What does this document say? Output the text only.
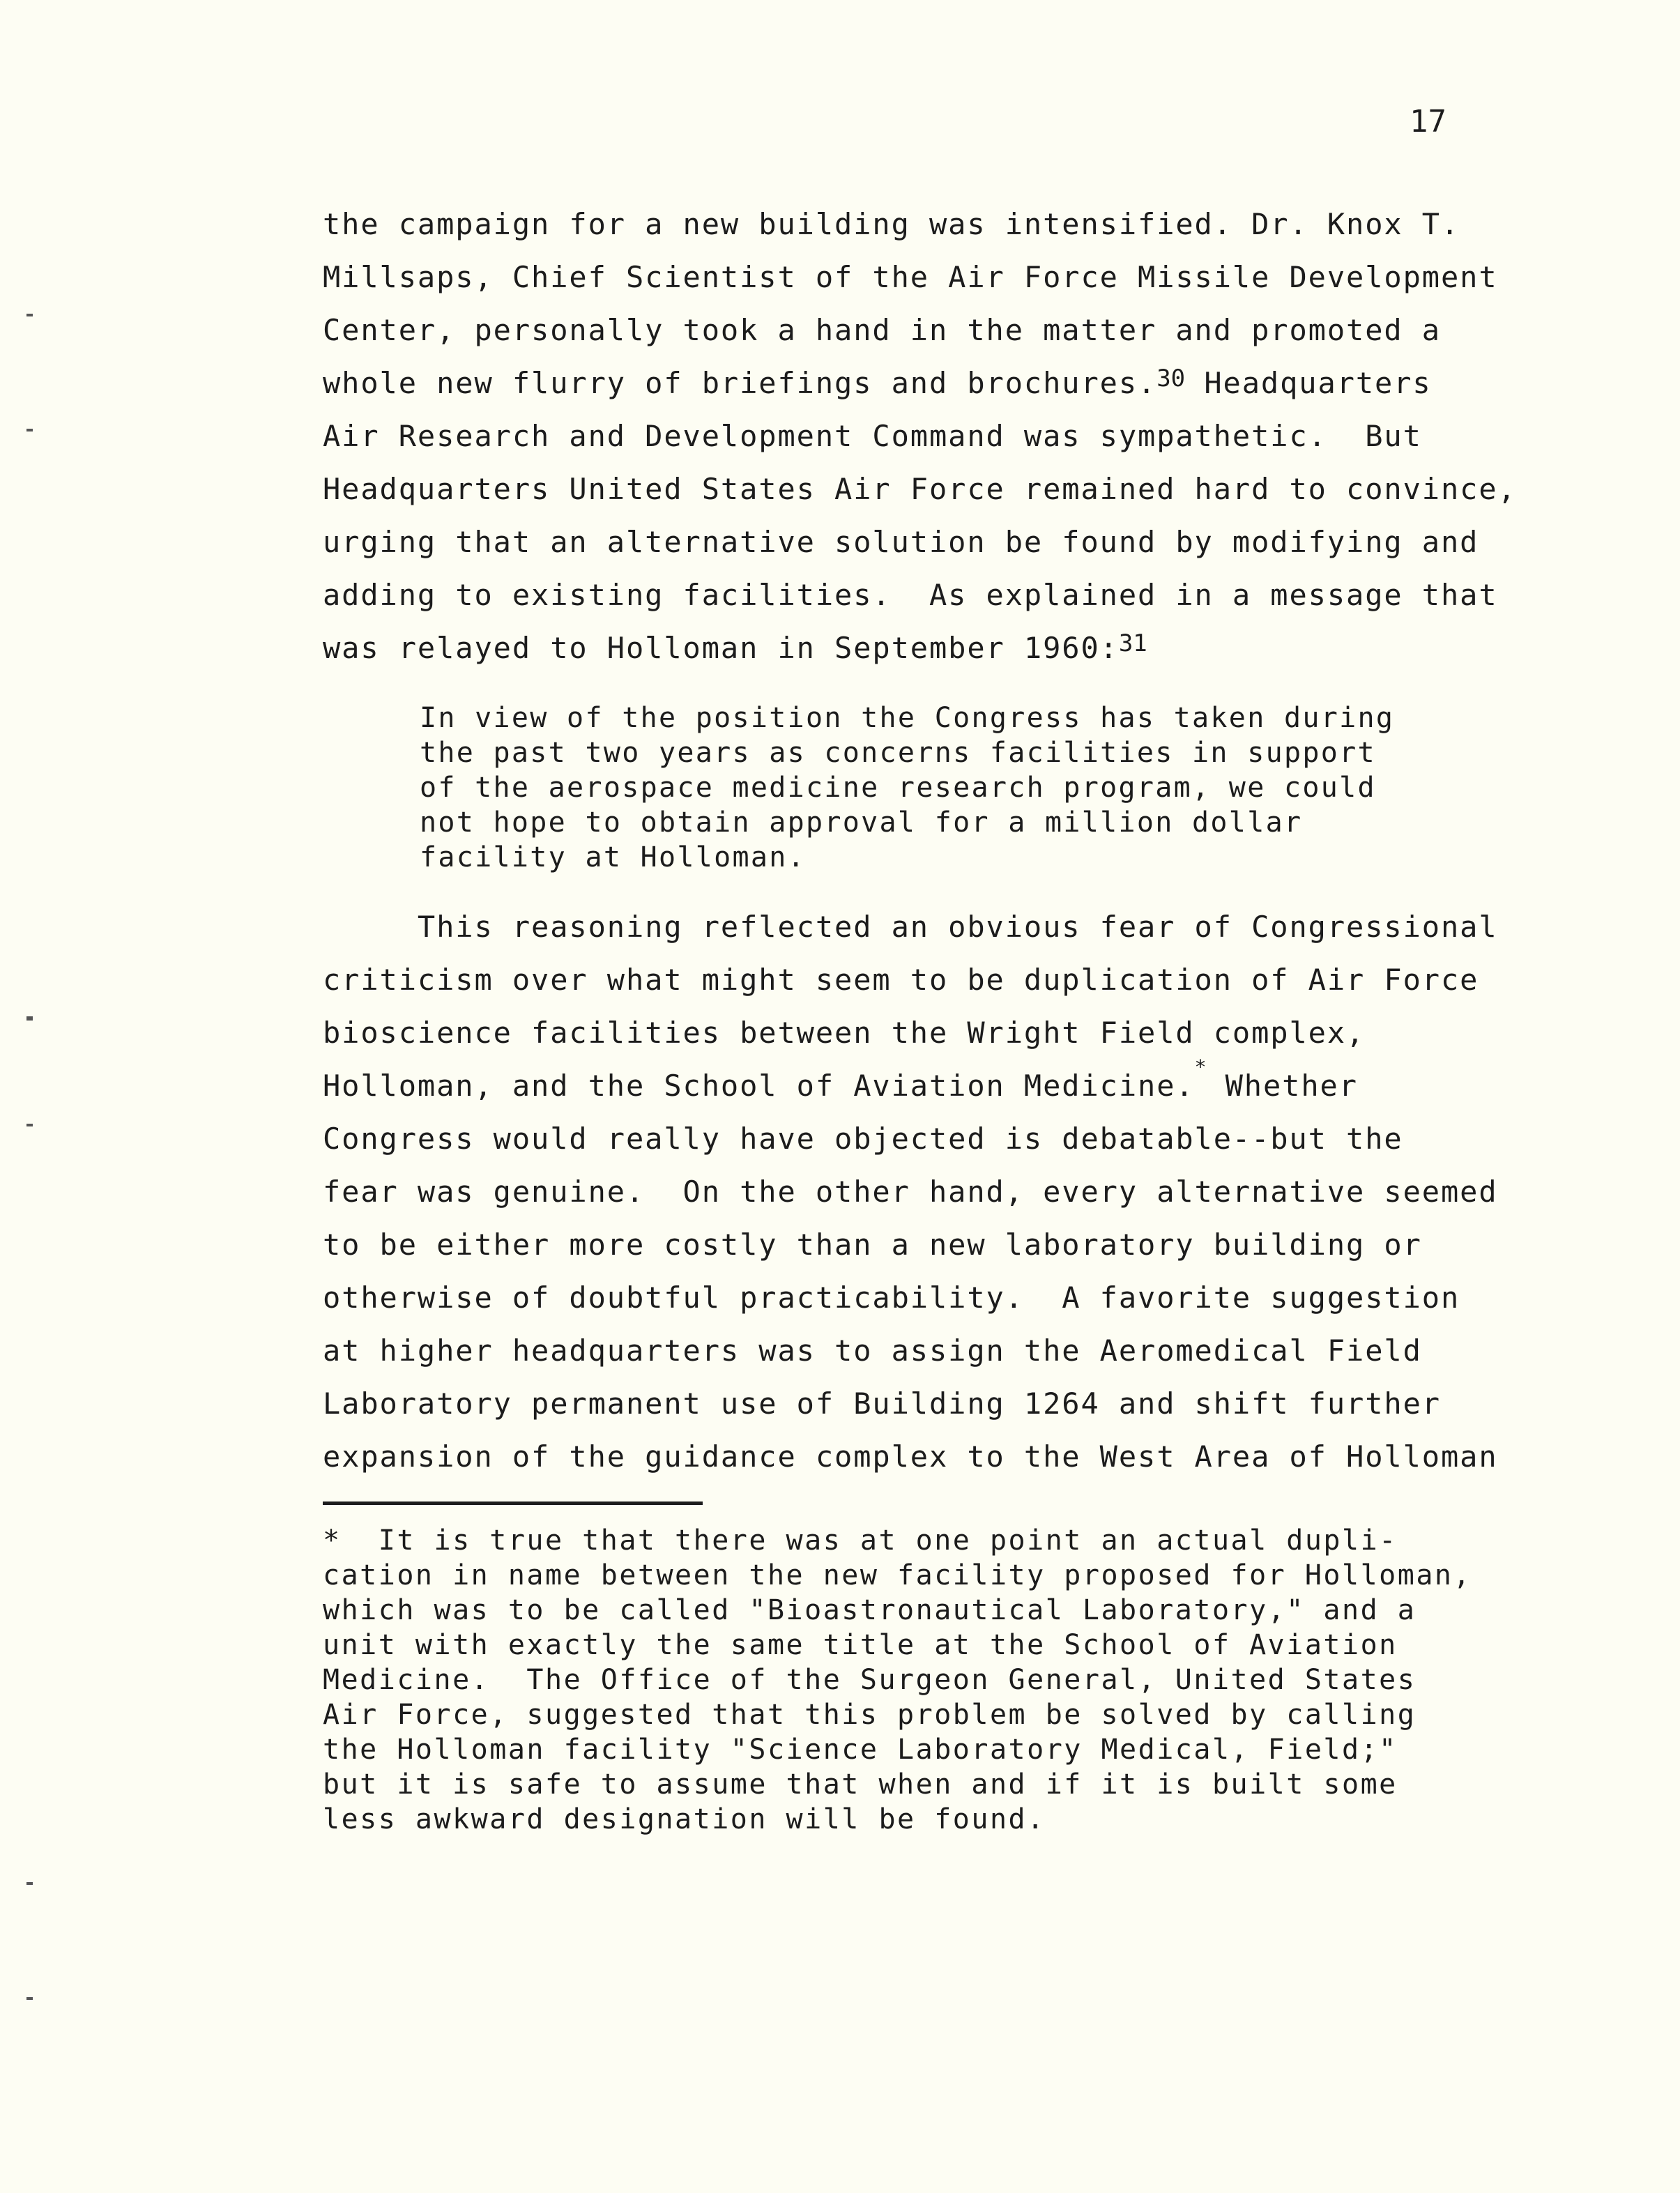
17
the campaign for a new building was intensified. Dr. Knox T.
Millsaps, Chief Scientist of the Air Force Missile Development
Center, personally took a hand in the matter and promoted a
whole new flurry of briefings and brochures.$^{30}$ Headquarters
Air Research and Development Command was sympathetic.  But
Headquarters United States Air Force remained hard to convince,
urging that an alternative solution be found by modifying and
adding to existing facilities.  As explained in a message that
was relayed to Holloman in September 1960:$^{31}$
In view of the position the Congress has taken during
the past two years as concerns facilities in support
of the aerospace medicine research program, we could
not hope to obtain approval for a million dollar
facility at Holloman.
This reasoning reflected an obvious fear of Congressional
criticism over what might seem to be duplication of Air Force
bioscience facilities between the Wright Field complex,
Holloman, and the School of Aviation Medicine.* Whether
Congress would really have objected is debatable--but the
fear was genuine.  On the other hand, every alternative seemed
to be either more costly than a new laboratory building or
otherwise of doubtful practicability.  A favorite suggestion
at higher headquarters was to assign the Aeromedical Field
Laboratory permanent use of Building 1264 and shift further
expansion of the guidance complex to the West Area of Holloman
*  It is true that there was at one point an actual dupli-
cation in name between the new facility proposed for Holloman,
which was to be called "Bioastronautical Laboratory," and a
unit with exactly the same title at the School of Aviation
Medicine.  The Office of the Surgeon General, United States
Air Force, suggested that this problem be solved by calling
the Holloman facility "Science Laboratory Medical, Field;"
but it is safe to assume that when and if it is built some
less awkward designation will be found.
